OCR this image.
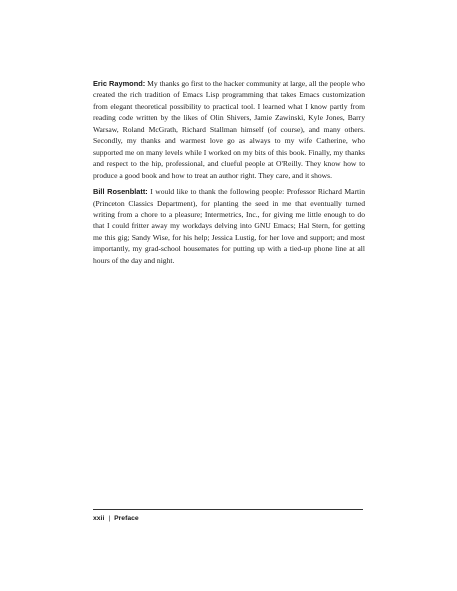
Eric Raymond: My thanks go first to the hacker community at large, all the people who created the rich tradition of Emacs Lisp programming that takes Emacs customization from elegant theoretical possibility to practical tool. I learned what I know partly from reading code written by the likes of Olin Shivers, Jamie Zawinski, Kyle Jones, Barry Warsaw, Roland McGrath, Richard Stallman himself (of course), and many others. Secondly, my thanks and warmest love go as always to my wife Catherine, who supported me on many levels while I worked on my bits of this book. Finally, my thanks and respect to the hip, professional, and clueful people at O'Reilly. They know how to produce a good book and how to treat an author right. They care, and it shows.

Bill Rosenblatt: I would like to thank the following people: Professor Richard Martin (Princeton Classics Department), for planting the seed in me that eventually turned writing from a chore to a pleasure; Intermetrics, Inc., for giving me little enough to do that I could fritter away my workdays delving into GNU Emacs; Hal Stern, for getting me this gig; Sandy Wise, for his help; Jessica Lustig, for her love and support; and most importantly, my grad-school housemates for putting up with a tied-up phone line at all hours of the day and night.

xxii | Preface
